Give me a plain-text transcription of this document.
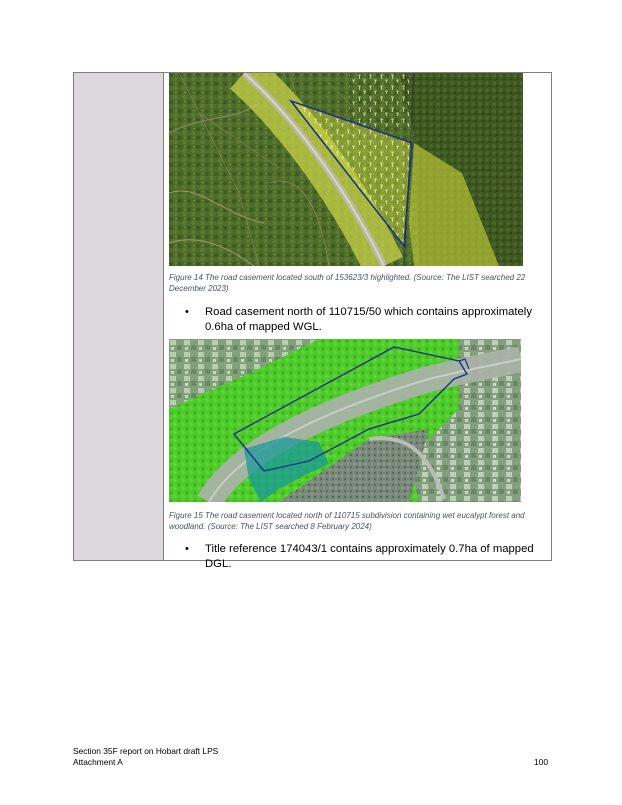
Figure 14 The road casement located south of 153623/3 highlighted. (Source: The LIST searched 22 December 2023)
•	Road casement north of 110715/50 which contains approximately 0.6ha of mapped WGL.
Figure 15 The road casement located north of 110715 subdivision containing wet eucalypt forest and woodland. (Source: The LIST searched 8 February 2024)
•	Title reference 174043/1 contains approximately 0.7ha of mapped DGL.
Section 35F report on Hobart draft LPS
Attachment A	100
